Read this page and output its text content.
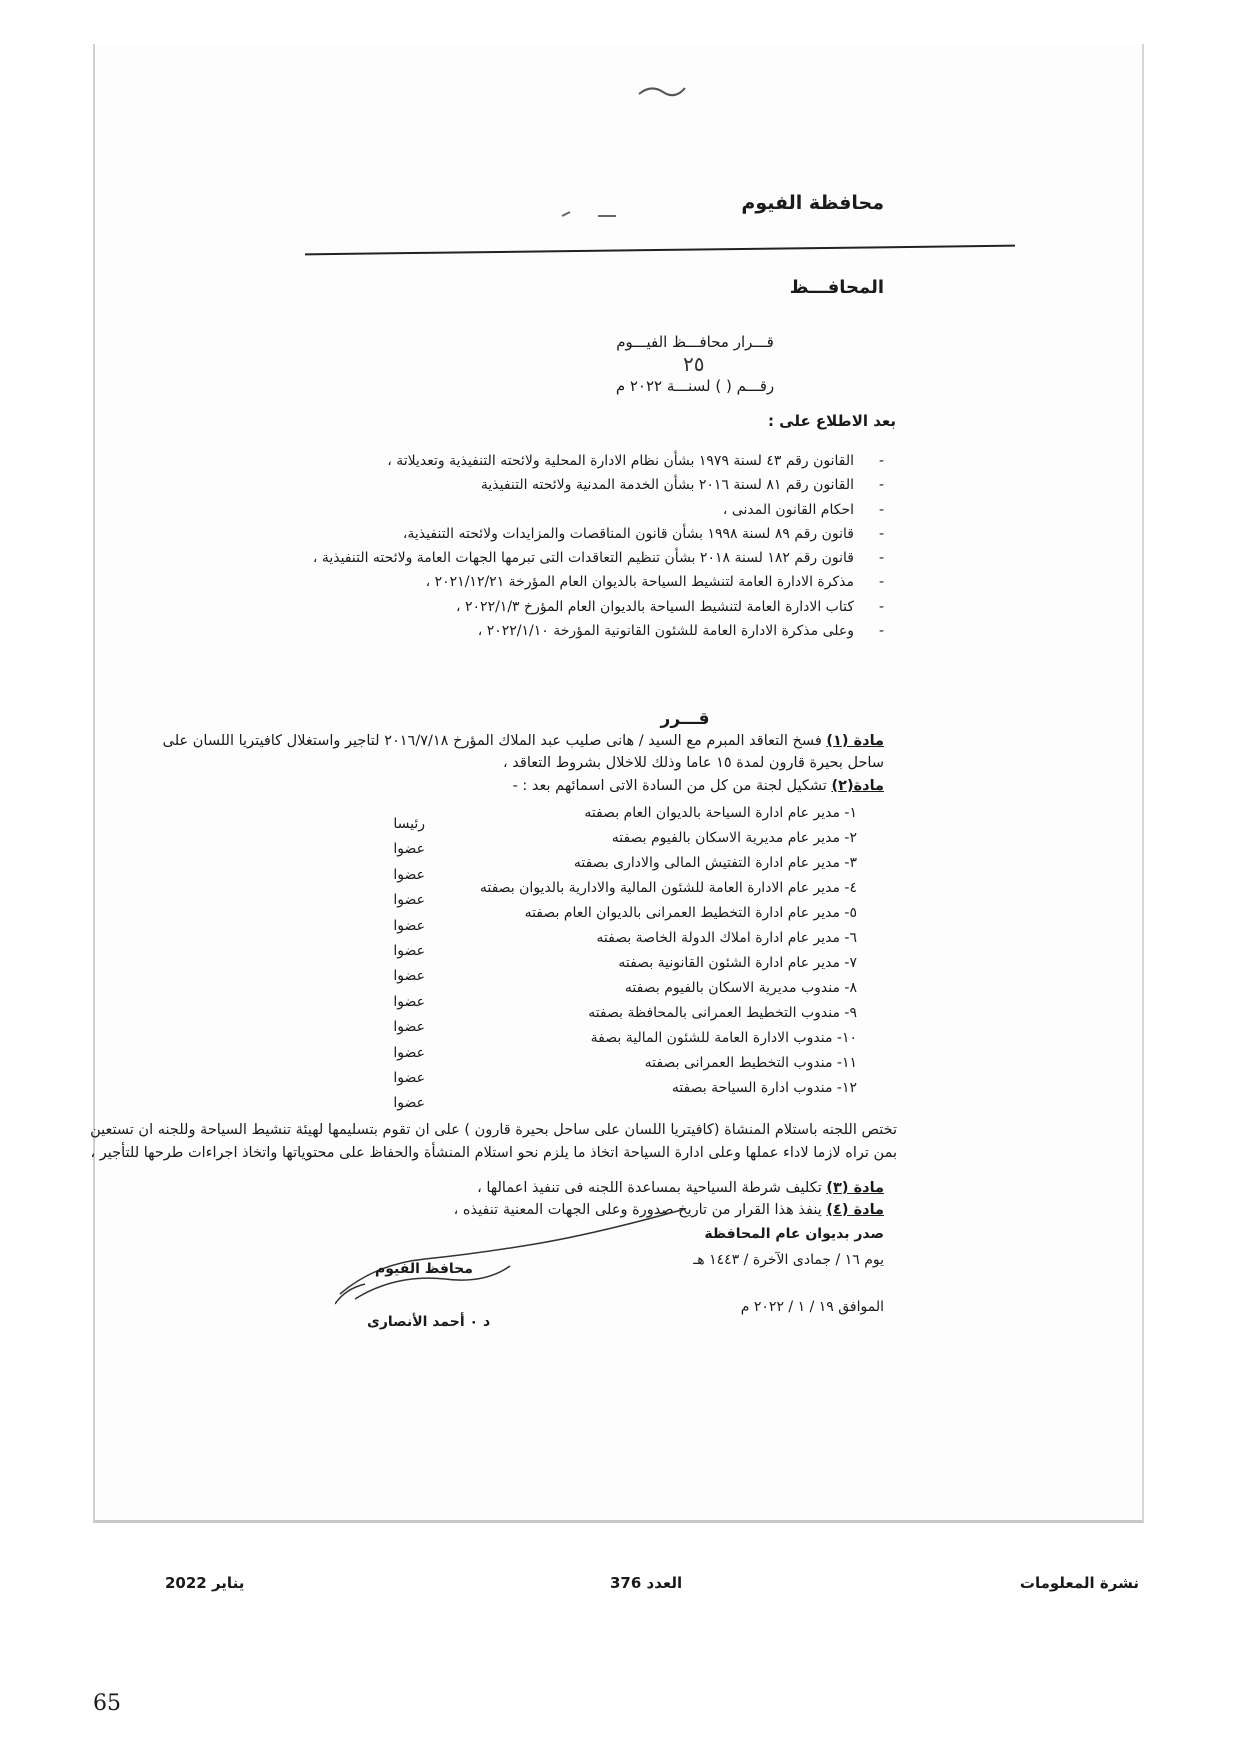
محافظة الفيوم
المحافـــظ
قـــرار محافـــظ الفيـــوم
٢٥
رقـــم ( ) لسنـــة ٢٠٢٢ م
بعد الاطلاع على :
- القانون رقم ٤٣ لسنة ١٩٧٩ بشأن نظام الادارة المحلية ولائحته التنفيذية وتعديلاتة ،
- القانون رقم ٨١ لسنة ٢٠١٦ بشأن الخدمة المدنية ولائحته التنفيذية
- احكام القانون المدنى ،
- قانون رقم ٨٩ لسنة ١٩٩٨ بشأن قانون المناقصات والمزايدات ولائحته التنفيذية،
- قانون رقم ١٨٢ لسنة ٢٠١٨ بشأن تنظيم التعاقدات التى تبرمها الجهات العامة ولائحته التنفيذية ،
- مذكرة الادارة العامة لتنشيط السياحة بالديوان العام المؤرخة ٢٠٢١/١٢/٢١ ،
- كتاب الادارة العامة لتنشيط السياحة بالديوان العام المؤرخ ٢٠٢٢/١/٣ ،
- وعلى مذكرة الادارة العامة للشئون القانونية المؤرخة ٢٠٢٢/١/١٠ ،
قـــرر
مادة (١) فسخ التعاقد المبرم مع السيد / هانى صليب عبد الملاك المؤرخ ٢٠١٦/٧/١٨ لتاجير واستغلال كافيتريا اللسان على ساحل بحيرة قارون لمدة ١٥ عاما وذلك للاخلال بشروط التعاقد ،
مادة(٢) تشكيل لجنة من كل من السادة الاتى اسمائهم بعد : -
١- مدير عام ادارة السياحة بالديوان العام بصفته
٢- مدير عام مديرية الاسكان بالفيوم بصفته
٣- مدير عام ادارة التفتيش المالى والادارى بصفته
٤- مدير عام الادارة العامة للشئون المالية والادارية بالديوان بصفته
٥- مدير عام ادارة التخطيط العمرانى بالديوان العام بصفته
٦- مدير عام ادارة املاك الدولة الخاصة بصفته
٧- مدير عام ادارة الشئون القانونية بصفته
٨- مندوب مديرية الاسكان بالفيوم بصفته
٩- مندوب التخطيط العمرانى بالمحافظة بصفته
١٠- مندوب الادارة العامة للشئون المالية بصفة
١١- مندوب التخطيط العمرانى بصفته
١٢- مندوب ادارة السياحة بصفته
رئيسا
عضوا
عضوا
عضوا
عضوا
عضوا
عضوا
عضوا
عضوا
عضوا
عضوا
عضوا
تختص اللجنه باستلام المنشاة (كافيتريا اللسان على ساحل بحيرة قارون ) على ان تقوم بتسليمها لهيئة تنشيط السياحة وللجنه ان تستعين بمن تراه لازما لاداء عملها وعلى ادارة السياحة اتخاذ ما يلزم نحو استلام المنشأة والحفاظ على محتوياتها واتخاذ اجراءات طرحها للتأجير ،
مادة (٣) تكليف شرطة السياحية بمساعدة اللجنه فى تنفيذ اعمالها ،
مادة (٤) ينفذ هذا القرار من تاريخ صدورة وعلى الجهات المعنية تنفيذه ،
صدر بديوان عام المحافظة
يوم ١٦ / جمادى الآخرة / ١٤٤٣ هـ
الموافق ١٩ / ١ / ٢٠٢٢ م
محافظ الفيوم
د ٠ أحمد الأنصارى
نشرة المعلومات
العدد 376
يناير 2022
65
